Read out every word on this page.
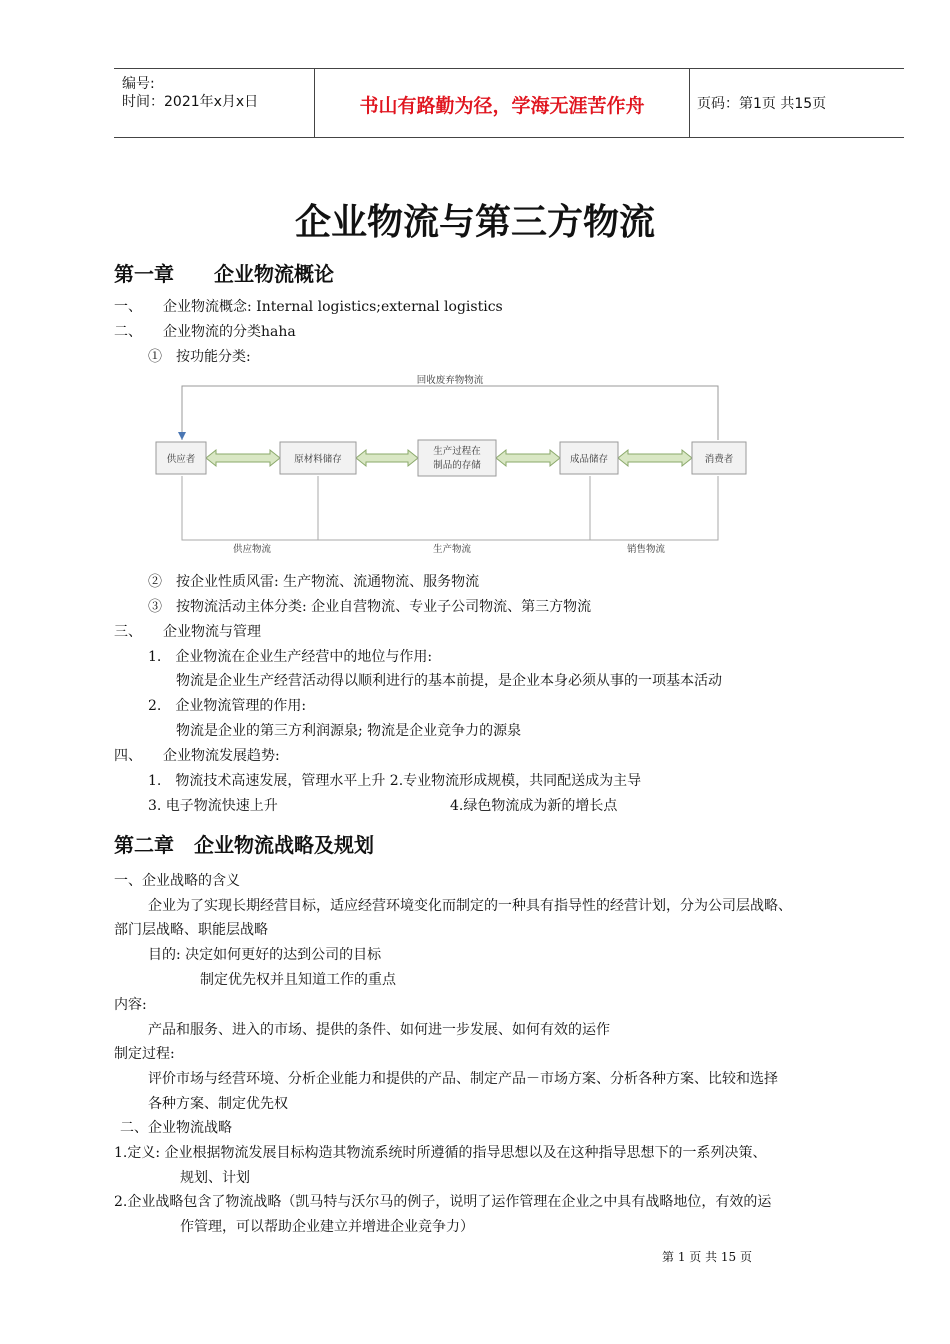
编号:
时间：2021年x月x日	书山有路勤为径，学海无涯苦作舟	页码：第1页 共15页
企业物流与第三方物流
第一章　　企业物流概论
一、　　企业物流概念: Internal logistics;external logistics
二、　　企业物流的分类haha
①　按功能分类:
回收废弃物物流
供应物流	生产物流	销售物流
供应者	原材料储存
生产过程在
制品的存储
成品储存	消费者
②　按企业性质风雷: 生产物流、流通物流、服务物流
③　按物流活动主体分类: 企业自营物流、专业子公司物流、第三方物流
三、　　企业物流与管理
1.　企业物流在企业生产经营中的地位与作用:
物流是企业生产经营活动得以顺利进行的基本前提，是企业本身必须从事的一项基本活动
2.　企业物流管理的作用:
物流是企业的第三方利润源泉; 物流是企业竞争力的源泉
四、　　企业物流发展趋势:
1.　物流技术高速发展，管理水平上升 2.专业物流形成规模，共同配送成为主导
3. 电子物流快速上升	4.绿色物流成为新的增长点
第二章　企业物流战略及规划
一、企业战略的含义
企业为了实现长期经营目标，适应经营环境变化而制定的一种具有指导性的经营计划，分为公司层战略、
部门层战略、职能层战略
目的: 决定如何更好的达到公司的目标
制定优先权并且知道工作的重点
内容:
产品和服务、进入的市场、提供的条件、如何进一步发展、如何有效的运作
制定过程:
评价市场与经营环境、分析企业能力和提供的产品、制定产品－市场方案、分析各种方案、比较和选择
各种方案、制定优先权
二、企业物流战略
1.定义: 企业根据物流发展目标构造其物流系统时所遵循的指导思想以及在这种指导思想下的一系列决策、
规划、计划
2.企业战略包含了物流战略（凯马特与沃尔马的例子，说明了运作管理在企业之中具有战略地位，有效的运
作管理，可以帮助企业建立并增进企业竞争力）
第 1 页 共 15 页
